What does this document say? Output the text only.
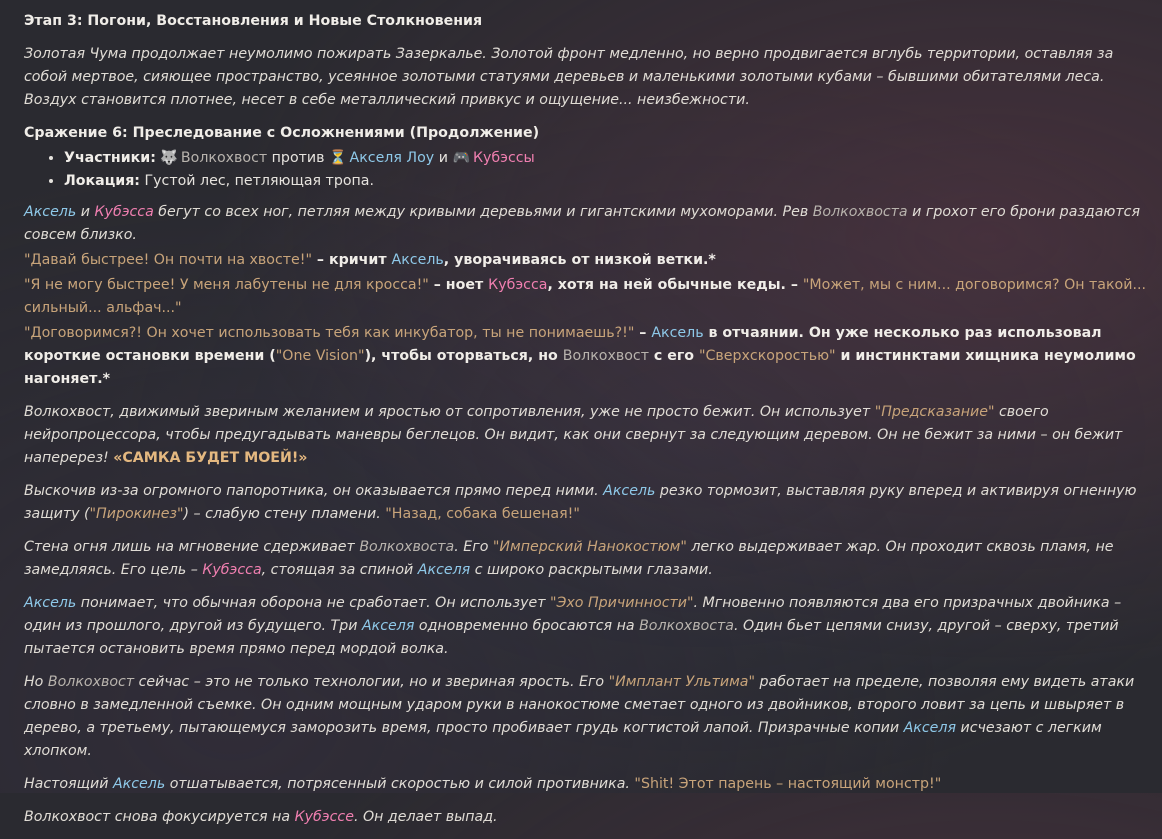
Этап 3: Погони, Восстановления и Новые Столкновения

Золотая Чума продолжает неумолимо пожирать Зазеркалье. Золотой фронт медленно, но верно продвигается вглубь территории, оставляя за собой мертвое, сияющее пространство, усеянное золотыми статуями деревьев и маленькими золотыми кубами – бывшими обитателями леса. Воздух становится плотнее, несет в себе металлический привкус и ощущение... неизбежности.

Сражение 6: Преследование с Осложнениями (Продолжение)

• Участники: 🐺 Волкохвост против ⏳ Акселя Лоу и 🎮 Кубэссы
• Локация: Густой лес, петляющая тропа.

Аксель и Кубэсса бегут со всех ног, петляя между кривыми деревьями и гигантскими мухоморами. Рев Волкохвоста и грохот его брони раздаются совсем близко.

"Давай быстрее! Он почти на хвосте!" – кричит Аксель, уворачиваясь от низкой ветки.*

"Я не могу быстрее! У меня лабутены не для кросса!" – ноет Кубэсса, хотя на ней обычные кеды. – "Может, мы с ним... договоримся? Он такой... сильный... альфач..."

"Договоримся?! Он хочет использовать тебя как инкубатор, ты не понимаешь?!" – Аксель в отчаянии. Он уже несколько раз использовал короткие остановки времени ("One Vision"), чтобы оторваться, но Волкохвост с его "Сверхскоростью" и инстинктами хищника неумолимо нагоняет.*

Волкохвост, движимый звериным желанием и яростью от сопротивления, уже не просто бежит. Он использует "Предсказание" своего нейропроцессора, чтобы предугадывать маневры беглецов. Он видит, как они свернут за следующим деревом. Он не бежит за ними – он бежит наперерез! «САМКА БУДЕТ МОЕЙ!»

Выскочив из-за огромного папоротника, он оказывается прямо перед ними. Аксель резко тормозит, выставляя руку вперед и активируя огненную защиту ("Пирокинез") – слабую стену пламени. "Назад, собака бешеная!"

Стена огня лишь на мгновение сдерживает Волкохвоста. Его "Имперский Нанокостюм" легко выдерживает жар. Он проходит сквозь пламя, не замедляясь. Его цель – Кубэсса, стоящая за спиной Акселя с широко раскрытыми глазами.

Аксель понимает, что обычная оборона не сработает. Он использует "Эхо Причинности". Мгновенно появляются два его призрачных двойника – один из прошлого, другой из будущего. Три Акселя одновременно бросаются на Волкохвоста. Один бьет цепями снизу, другой – сверху, третий пытается остановить время прямо перед мордой волка.

Но Волкохвост сейчас – это не только технологии, но и звериная ярость. Его "Имплант Ультима" работает на пределе, позволяя ему видеть атаки словно в замедленной съемке. Он одним мощным ударом руки в нанокостюме сметает одного из двойников, второго ловит за цепь и швыряет в дерево, а третьему, пытающемуся заморозить время, просто пробивает грудь когтистой лапой. Призрачные копии Акселя исчезают с легким хлопком.

Настоящий Аксель отшатывается, потрясенный скоростью и силой противника. "Shit! Этот парень – настоящий монстр!"

Волкохвост снова фокусируется на Кубэссе. Он делает выпад.
